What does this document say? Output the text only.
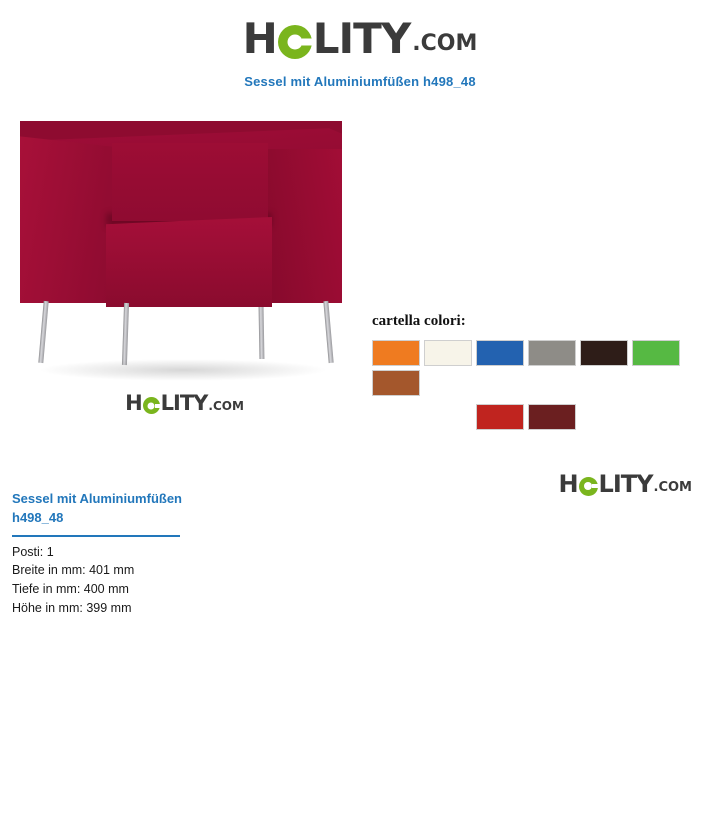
H LITY .COM
Sessel mit Aluminiumfüßen h498_48
H LITY .COM
cartella colori:
H LITY .COM
Sessel mit Aluminiumfüßen
h498_48
Posti: 1
Breite in mm: 401 mm
Tiefe in mm: 400 mm
Höhe in mm: 399 mm
